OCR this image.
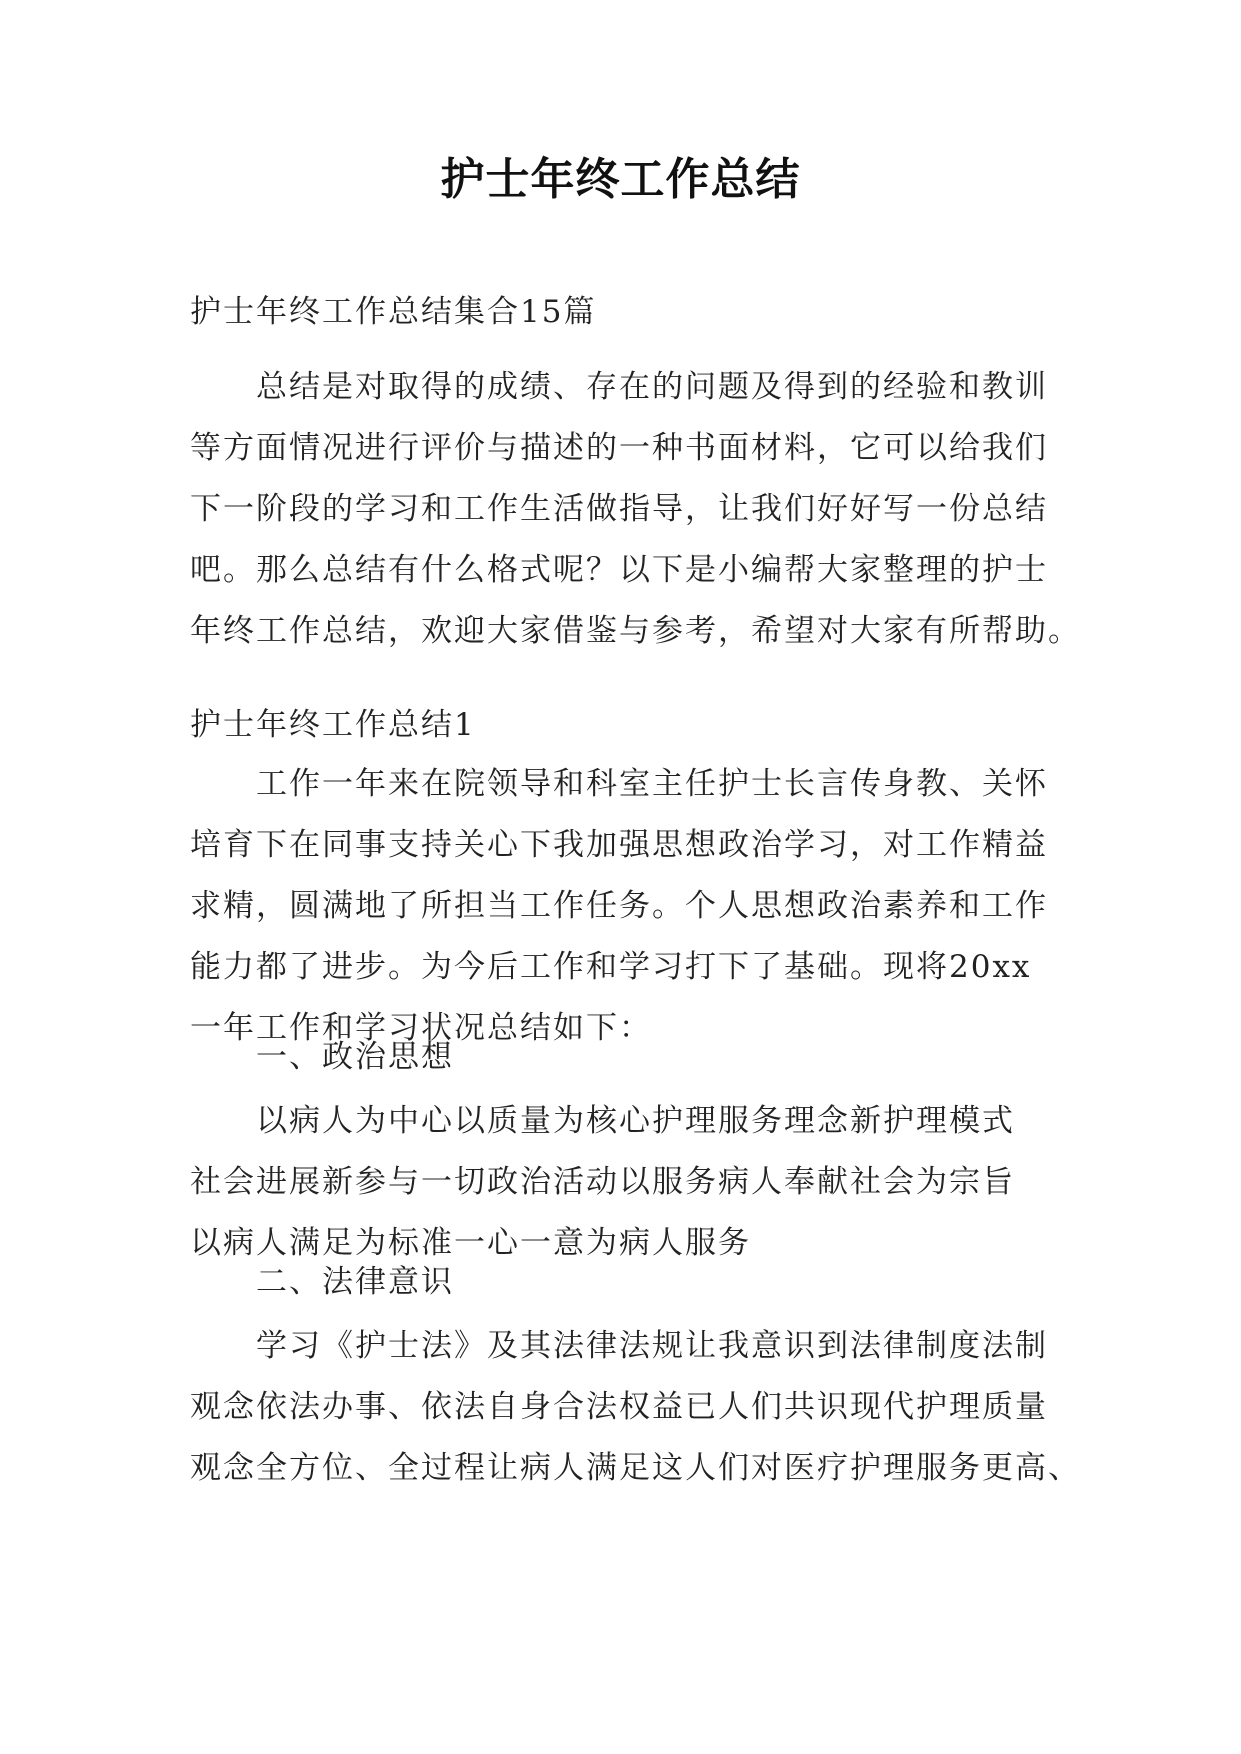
护士年终工作总结
护士年终工作总结集合15篇
总结是对取得的成绩、存在的问题及得到的经验和教训
等方面情况进行评价与描述的一种书面材料，它可以给我们
下一阶段的学习和工作生活做指导，让我们好好写一份总结
吧。那么总结有什么格式呢？以下是小编帮大家整理的护士
年终工作总结，欢迎大家借鉴与参考，希望对大家有所帮助。
护士年终工作总结1
工作一年来在院领导和科室主任护士长言传身教、关怀
培育下在同事支持关心下我加强思想政治学习，对工作精益
求精，圆满地了所担当工作任务。个人思想政治素养和工作
能力都了进步。为今后工作和学习打下了基础。现将20xx
一年工作和学习状况总结如下：
一、政治思想
以病人为中心以质量为核心护理服务理念新护理模式
社会进展新参与一切政治活动以服务病人奉献社会为宗旨
以病人满足为标准一心一意为病人服务
二、法律意识
学习《护士法》及其法律法规让我意识到法律制度法制
观念依法办事、依法自身合法权益已人们共识现代护理质量
观念全方位、全过程让病人满足这人们对医疗护理服务更高、
